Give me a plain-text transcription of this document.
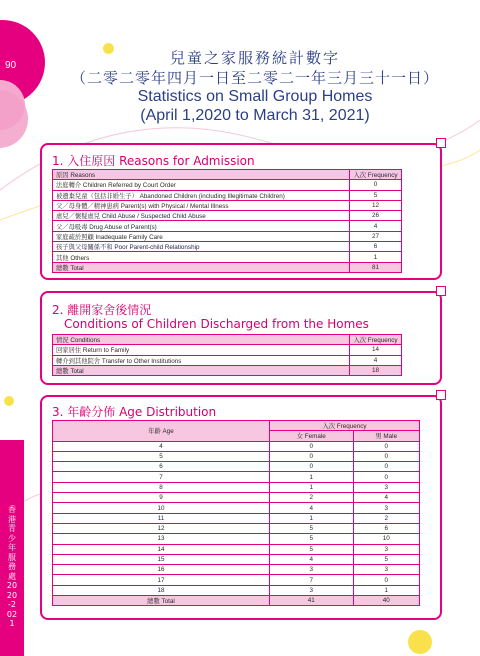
90
香港青少年服務處 2020-2021
兒童之家服務統計數字
（二零二零年四月一日至二零二一年三月三十一日）
Statistics on Small Group Homes
(April 1,2020 to March 31, 2021)
1. 入住原因 Reasons for Admission
原因 Reasons	入次 Frequency
法庭轉介 Children Referred by Court Order	0
被遺棄兒童（包括非婚生子） Abandoned Children (including Illegitimate Children)	5
父／母身體／精神患病 Parent(s) with Physical / Mental Illness	12
虐兒／懷疑虐兒 Child Abuse / Suspected Child Abuse	26
父／母吸毒 Drug Abuse of Parent(s)	4
家庭疏於照顧 Inadequate Family Care	27
孩子與父母關係不和 Poor Parent-child Relationship	6
其他 Others	1
總數 Total	81
2. 離開家舍後情況
Conditions of Children Discharged from the Homes
情況 Conditions	入次 Frequency
回家居住 Return to Family	14
轉介到其他院舍 Transfer to Other Institutions	4
總數 Total	18
3. 年齡分佈 Age Distribution
年齡 Age	入次 Frequency	
	女 Female	男 Male
4	0	0
5	0	0
6	0	0
7	1	0
8	1	3
9	2	4
10	4	3
11	1	2
12	5	6
13	5	10
14	5	3
15	4	5
16	3	3
17	7	0
18	3	1
總數 Total	41	40
